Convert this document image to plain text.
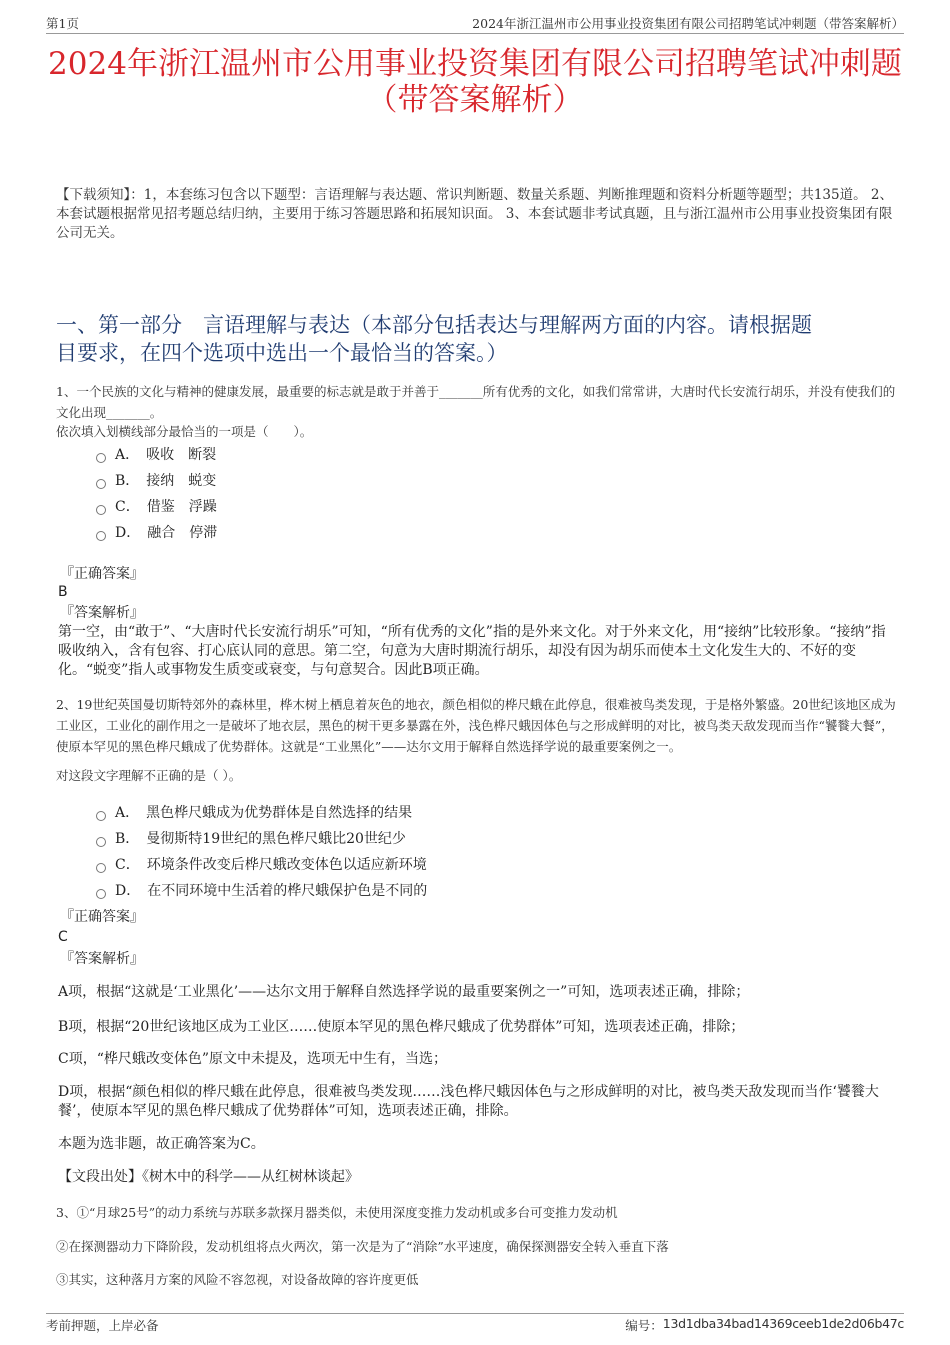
第1页	2024年浙江温州市公用事业投资集团有限公司招聘笔试冲刺题（带答案解析）
2024年浙江温州市公用事业投资集团有限公司招聘笔试冲刺题
（带答案解析）
【下载须知】：1，本套练习包含以下题型：言语理解与表达题、常识判断题、数量关系题、判断推理题和资料分析题等题型；共135道。 2、本套试题根据常见招考题总结归纳，主要用于练习答题思路和拓展知识面。 3、本套试题非考试真题，且与浙江温州市公用事业投资集团有限公司无关。
一、第一部分　言语理解与表达（本部分包括表达与理解两方面的内容。请根据题
目要求，在四个选项中选出一个最恰当的答案。）
1、一个民族的文化与精神的健康发展，最重要的标志就是敢于并善于_______所有优秀的文化，如我们常常讲，大唐时代长安流行胡乐，并没有使我们的文化出现_______。
依次填入划横线部分最恰当的一项是（　　）。
A．　吸收　断裂
B．　接纳　蜕变
C．　借鉴　浮躁
D．　融合　停滞
『正确答案』
B
『答案解析』
第一空，由“敢于”、“大唐时代长安流行胡乐”可知，“所有优秀的文化”指的是外来文化。对于外来文化，用“接纳”比较形象。“接纳”指吸收纳入，含有包容、打心底认同的意思。第二空，句意为大唐时期流行胡乐，却没有因为胡乐而使本土文化发生大的、不好的变化。“蜕变”指人或事物发生质变或衰变，与句意契合。因此B项正确。
2、19世纪英国曼切斯特郊外的森林里，桦木树上栖息着灰色的地衣，颜色相似的桦尺蛾在此停息，很难被鸟类发现，于是格外繁盛。20世纪该地区成为工业区，工业化的副作用之一是破坏了地衣层，黑色的树干更多暴露在外，浅色桦尺蛾因体色与之形成鲜明的对比，被鸟类天敌发现而当作“饕餮大餐”，使原本罕见的黑色桦尺蛾成了优势群体。这就是“工业黑化”——达尔文用于解释自然选择学说的最重要案例之一。
对这段文字理解不正确的是（ ）。
A．　黑色桦尺蛾成为优势群体是自然选择的结果
B．　曼彻斯特19世纪的黑色桦尺蛾比20世纪少
C．　环境条件改变后桦尺蛾改变体色以适应新环境
D．　在不同环境中生活着的桦尺蛾保护色是不同的
『正确答案』
C
『答案解析』
A项，根据“这就是‘工业黑化’——达尔文用于解释自然选择学说的最重要案例之一”可知，选项表述正确，排除；
B项，根据“20世纪该地区成为工业区……使原本罕见的黑色桦尺蛾成了优势群体”可知，选项表述正确，排除；
C项，“桦尺蛾改变体色”原文中未提及，选项无中生有，当选；
D项，根据“颜色相似的桦尺蛾在此停息，很难被鸟类发现……浅色桦尺蛾因体色与之形成鲜明的对比，被鸟类天敌发现而当作‘饕餮大餐’，使原本罕见的黑色桦尺蛾成了优势群体”可知，选项表述正确，排除。
本题为选非题，故正确答案为C。
【文段出处】《树木中的科学——从红树林谈起》
3、①“月球25号”的动力系统与苏联多款探月器类似，未使用深度变推力发动机或多台可变推力发动机
②在探测器动力下降阶段，发动机组将点火两次，第一次是为了“消除”水平速度，确保探测器安全转入垂直下落
③其实，这种落月方案的风险不容忽视，对设备故障的容许度更低
考前押题，上岸必备	编号： 13d1dba34bad14369ceeb1de2d06b47c
